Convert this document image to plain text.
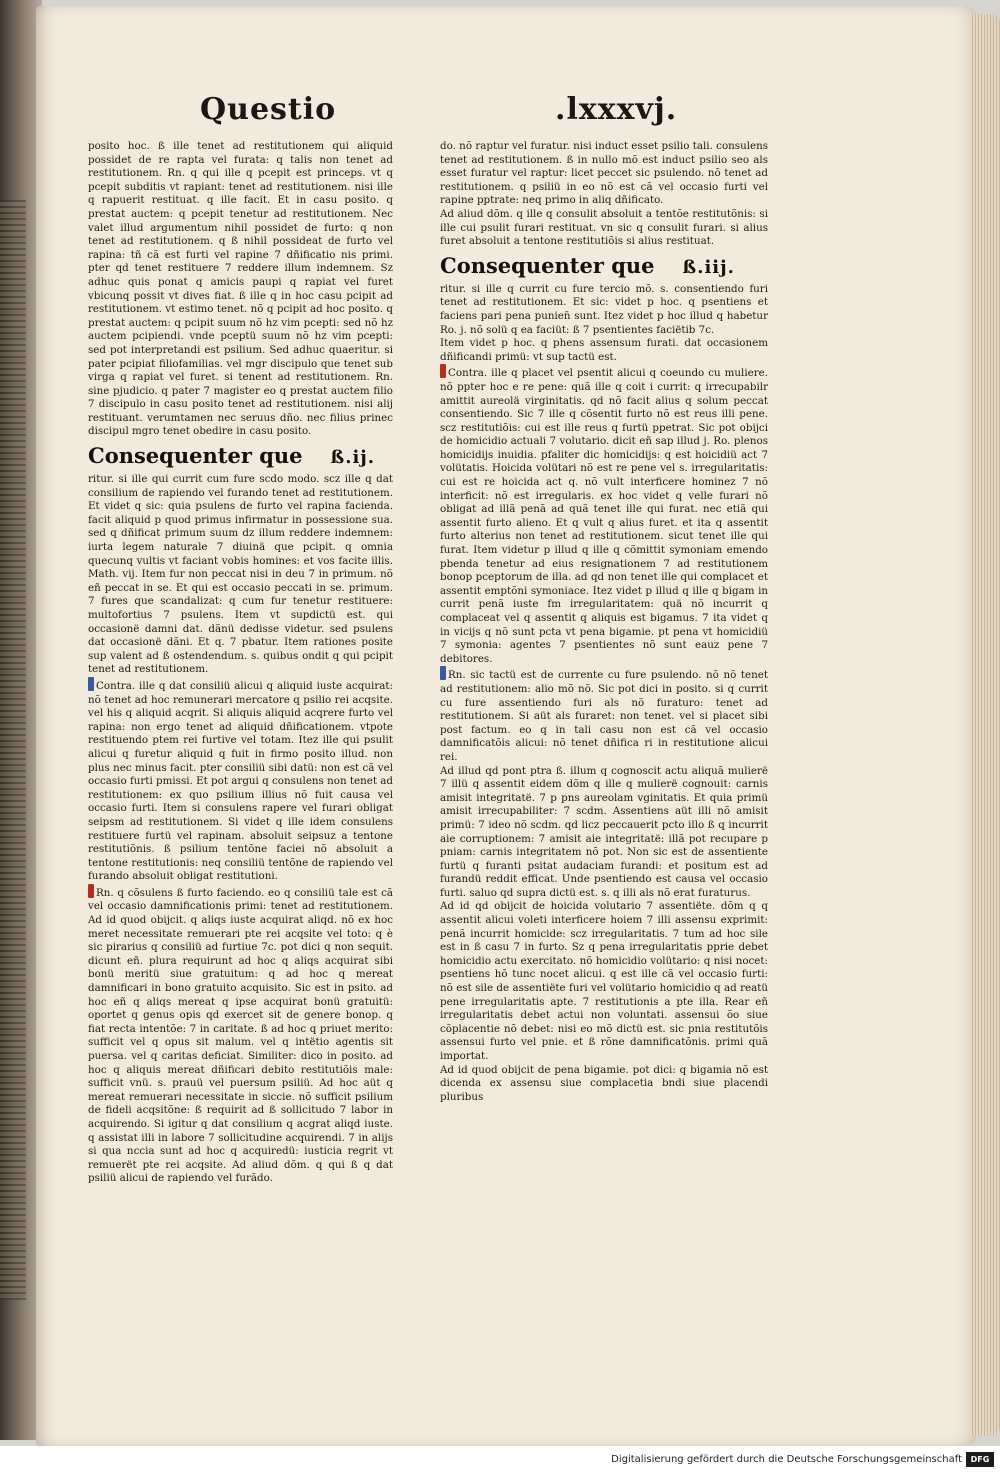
Questio	.lxxxvj.

posito hoc. ß ille tenet ad restitutionem qui aliquid possidet de re rapta vel furata: q talis non tenet ad restitutionem. Rn. q qui ille q pcepit est princeps. vt q pcepit subditis vt rapiant: tenet ad restitutionem. nisi ille q rapuerit restituat. q ille facit. Et in casu posito. q prestat auctem: q pcepit tenetur ad restitutionem. Nec valet illud argumentum nihil possidet de furto: q non tenet ad restitutionem. q ß nihil possideat de furto vel rapina: tñ cã est furti vel rapine 7 dñificatio nis primi. pter qd tenet restituere 7 reddere illum indemnem. Sz adhuc quis ponat q amicis paupi q rapiat vel furet vbicunq possit vt dives fiat. ß ille q in hoc casu pcipit ad restitutionem. vt estimo tenet. nõ q pcipit ad hoc posito. q prestat auctem: q pcipit suum nõ hz vim pcepti: sed nõ hz auctem pcipiendi. vnde pceptü suum nõ hz vim pcepti: sed pot interpretandi est psilium. Sed adhuc quaeritur. si pater pcipiat filiofamilias. vel mgr discipulo que tenet sub virga q rapiat vel furet. si tenent ad restitutionem. Rn. sine pjudicio. q pater 7 magister eo q prestat auctem filio 7 discipulo in casu posito tenet ad restitutionem. nisi alij restituant. verumtamen nec seruus dño. nec filius prinec discipul mgro tenet obedire in casu posito.

Consequenter que ß.ij.

ritur. si ille qui currit cum fure scdo modo. scz ille q dat consilium de rapiendo vel furando tenet ad restitutionem. Et videt q sic: quia psulens de furto vel rapina facienda. facit aliquid p quod primus infirmatur in possessione sua. sed q dñificat primum suum dz illum reddere indemnem: iurta legem naturale 7 diuinä que pcipit. q omnia quecunq vultis vt faciant vobis homines: et vos facite illis. Math. vij. Item fur non peccat nisi in deu 7 in primum. nõ eñ peccat in se. Et qui est occasio peccati in se. primum. 7 fures que scandalizat: q cum fur tenetur restituere: multofortius 7 psulens. Item vt supdictü est. qui occasionë damni dat. dãnü dedisse videtur. sed psulens dat occasionë dãni. Et q. 7 pbatur. Item rationes posite sup valent ad ß ostendendum. s. quibus ondit q qui pcipit tenet ad restitutionem.

Contra. ille q dat consiliü alicui q aliquid iuste acquirat: nõ tenet ad hoc remunerari mercatore q psilio rei acqsite. vel his q aliquid acqrit. Si aliquis aliquid acqrere furto vel rapina: non ergo tenet ad aliquid dñificationem. vtpote restituendo ptem rei furtive vel totam. Itez ille qui psulit alicui q furetur aliquid q fuit in firmo posito illud. non plus nec minus facit. pter consiliü sibi datü: non est cã vel occasio furti pmissi. Et pot argui q consulens non tenet ad restitutionem: ex quo psilium illius nõ fuit causa vel occasio furti. Item si consulens rapere vel furari obligat seipsm ad restitutionem. Si videt q ille idem consulens restituere furtü vel rapinam. absoluit seipsuz a tentone restitutiõnis. ß psilium tentõne faciei nõ absoluit a tentone restitutionis: neq consiliü tentõne de rapiendo vel furando absoluit obligat restitutioni.

Rn. q cõsulens ß furto faciendo. eo q consiliü tale est cã vel occasio damnificationis primi: tenet ad restitutionem. Ad id quod obijcit. q aliqs iuste acquirat aliqd. nõ ex hoc meret necessitate remuerari pte rei acqsite vel toto: q è sic pirarius q consiliü ad furtiue 7c. pot dici q non sequit. dicunt eñ. plura requirunt ad hoc q aliqs acquirat sibi bonü meritü siue gratuitum: q ad hoc q mereat damnificari in bono gratuito acquisito. Sic est in psito. ad hoc eñ q aliqs mereat q ipse acquirat bonü gratuitü: oportet q genus opis qd exercet sit de genere bonop. q fiat recta intentõe: 7 in caritate. ß ad hoc q priuet merito: sufficit vel q opus sit malum. vel q intëtio agentis sit puersa. vel q caritas deficiat. Similiter: dico in posito. ad hoc q aliquis mereat dñificari debito restitutiõis male: sufficit vnü. s. prauü vel puersum psiliü. Ad hoc aüt q mereat remuerari necessitate in siccie. nõ sufficit psilium de fideli acqsitõne: ß requirit ad ß sollicitudo 7 labor in acquirendo. Si igitur q dat consilium q acgrat aliqd iuste. q assistat illi in labore 7 sollicitudine acquirendi. 7 in alijs si qua nccia sunt ad hoc q acquiredü: iusticia regrit vt remuerët pte rei acqsite. Ad aliud dõm. q qui ß q dat psiliü alicui de rapiendo vel furãdo.

do. nõ raptur vel furatur. nisi induct esset psilio tali. consulens tenet ad restitutionem. ß in nullo mõ est induct psilio seo als esset furatur vel raptur: licet peccet sic psulendo. nõ tenet ad restitutionem. q psiliü in eo nõ est cã vel occasio furti vel rapine pptrate: neq primo in aliq dñificato.

Ad aliud dõm. q ille q consulit absoluit a tentõe restitutõnis: si ille cui psulit furari restituat. vn sic q consulit furari. si alius furet absoluit a tentone restitutiõis si alius restituat.

Consequenter que ß.iij.

ritur. si ille q currit cu fure tercio mõ. s. consentiendo furi tenet ad restitutionem. Et sic: videt p hoc. q psentiens et faciens pari pena punien̄ sunt. Itez videt p hoc illud q habetur Ro. j. nõ solü q ea faciüt: ß 7 psentientes faciëtib 7c.

Item videt p hoc. q phens assensum furati. dat occasionem dñificandi primü: vt sup tactü est.

Contra. ille q placet vel psentit alicui q coeundo cu muliere. nõ ppter hoc e re pene: quã ille q coit i currit: q irrecupabilr amittit aureolä virginitatis. qd nõ facit alius q solum peccat consentiendo. Sic 7 ille q cõsentit furto nõ est reus illi pene. scz restitutiõis: cui est ille reus q furtü ppetrat. Sic pot obijci de homicidio actuali 7 volutario. dicit eñ sap illud j. Ro. plenos homicidijs inuidia. pfaliter dic homicidijs: q est hoicidiü act 7 volütatis. Hoicida volütari nõ est re pene vel s. irregularitatis: cui est re hoicida act q. nõ vult interficere hominez 7 nõ interficit: nõ est irregularis. ex hoc videt q velle furari nõ obligat ad illã penã ad quã tenet ille qui furat. nec etiã qui assentit furto alieno. Et q vult q alius furet. et ita q assentit furto alterius non tenet ad restitutionem. sicut tenet ille qui furat. Item videtur p illud q ille q cõmittit symoniam emendo pbenda tenetur ad eius resignationem 7 ad restitutionem bonop pceptorum de illa. ad qd non tenet ille qui complacet et assentit emptõni symoniace. Itez videt p illud q ille q bigam in currit penã iuste fm irregularitatem: quä nõ incurrit q complaceat vel q assentit q aliquis est bigamus. 7 ita videt q in vicijs q nõ sunt pcta vt pena bigamie. pt pena vt homicidiü 7 symonia: agentes 7 psentientes nõ sunt eauz pene 7 debitores.

Rn. sic tactü est de currente cu fure psulendo. nõ nõ tenet ad restitutionem: alio mõ nõ. Sic pot dici in posito. si q currit cu fure assentiendo furi als nõ furaturo: tenet ad restitutionem. Si aüt als furaret: non tenet. vel si placet sibi post factum. eo q in tali casu non est cã vel occasio damnificatõis alicui: nõ tenet dñifica ri in restitutione alicui rei.

Ad illud qd pont ptra ß. illum q cognoscit actu aliquã mulierë 7 illü q assentit eidem dõm q ille q mulierë cognouit: carnis amisit integritatë. 7 p pns aureolam vginitatis. Et quia primü amisit irrecupabiliter: 7 scdm. Assentiens aüt illi nõ amisit primü: 7 ideo nõ scdm. qd licz peccauerit pcto illo ß q incurrit aie corruptionem: 7 amisit aie integritatë: illã pot recupare p pniam: carnis integritatem nõ pot. Non sic est de assentiente furtü q furanti psitat audaciam furandi: et positum est ad furandü reddit efficat. Unde psentiendo est causa vel occasio furti. saluo qd supra dictü est. s. q illi als nõ erat furaturus.

Ad id qd obijcit de hoicida volutario 7 assentiëte. dõm q q assentit alicui voleti interficere hoiem 7 illi assensu exprimit: penã incurrit homicide: scz irregularitatis. 7 tum ad hoc sile est in ß casu 7 in furto. Sz q pena irregularitatis pprie debet homicidio actu exercitato. nõ homicidio volütario: q nisi nocet: psentiens hõ tunc nocet alicui. q est ille cã vel occasio furti: nõ est sile de assentiëte furi vel volütario homicidio q ad reatü pene irregularitatis apte. 7 restitutionis a pte illa. Rear eñ irregularitatis debet actui non voluntati. assensui õo siue cõplacentie nõ debet: nisi eo mõ dictü est. sic pnia restitutõis assensui furto vel pnie. et ß rõne damnificatõnis. primi quã importat.

Ad id quod obijcit de pena bigamie. pot dici: q bigamia nõ est dicenda ex assensu siue complacetia bndi siue placendi pluribus

Digitalisierung gefördert durch die Deutsche Forschungsgemeinschaft	DFG
